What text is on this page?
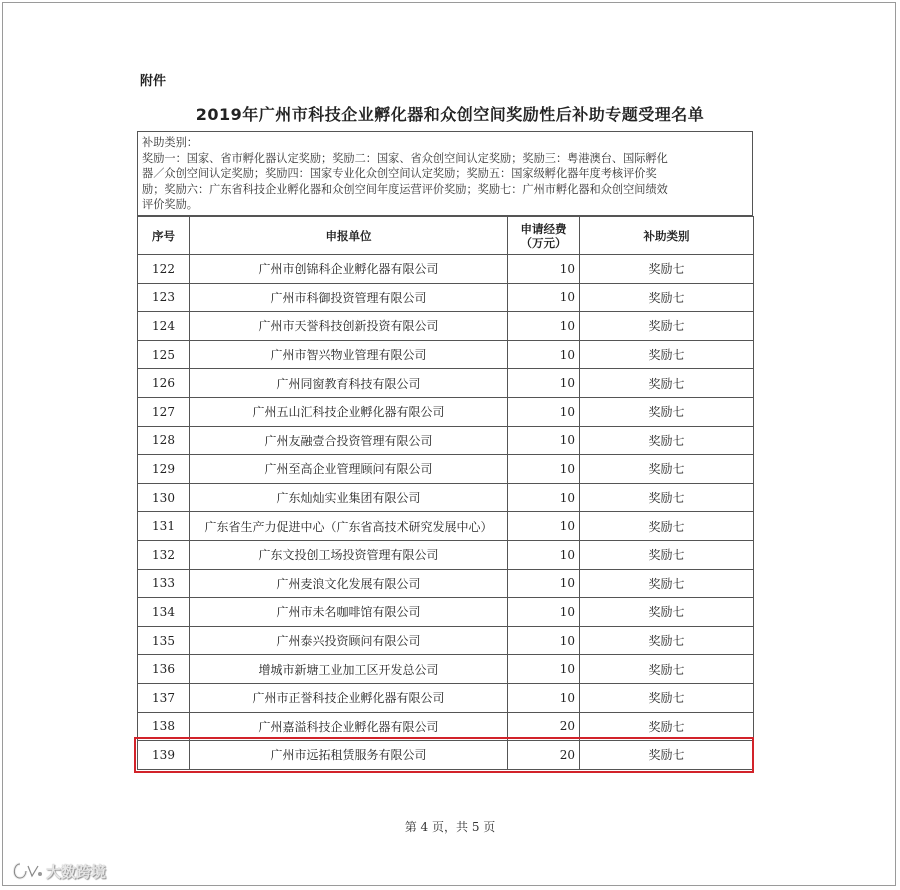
附件
2019年广州市科技企业孵化器和众创空间奖励性后补助专题受理名单
补助类别：
奖励一：国家、省市孵化器认定奖励；奖励二：国家、省众创空间认定奖励；奖励三：粤港澳台、国际孵化
器／众创空间认定奖励；奖励四：国家专业化众创空间认定奖励；奖励五：国家级孵化器年度考核评价奖
励；奖励六：广东省科技企业孵化器和众创空间年度运营评价奖励；奖励七：广州市孵化器和众创空间绩效
评价奖励。
序号	申报单位	申请经费（万元）	补助类别
122	广州市创锦科企业孵化器有限公司	10	奖励七
123	广州市科御投资管理有限公司	10	奖励七
124	广州市天誉科技创新投资有限公司	10	奖励七
125	广州市智兴物业管理有限公司	10	奖励七
126	广州同窗教育科技有限公司	10	奖励七
127	广州五山汇科技企业孵化器有限公司	10	奖励七
128	广州友融壹合投资管理有限公司	10	奖励七
129	广州至高企业管理顾问有限公司	10	奖励七
130	广东灿灿实业集团有限公司	10	奖励七
131	广东省生产力促进中心（广东省高技术研究发展中心）	10	奖励七
132	广东文投创工场投资管理有限公司	10	奖励七
133	广州麦浪文化发展有限公司	10	奖励七
134	广州市未名咖啡馆有限公司	10	奖励七
135	广州泰兴投资顾问有限公司	10	奖励七
136	增城市新塘工业加工区开发总公司	10	奖励七
137	广州市正誉科技企业孵化器有限公司	10	奖励七
138	广州嘉溢科技企业孵化器有限公司	20	奖励七
139	广州市远拓租赁服务有限公司	20	奖励七
第 4 页，共 5 页
大数跨境
